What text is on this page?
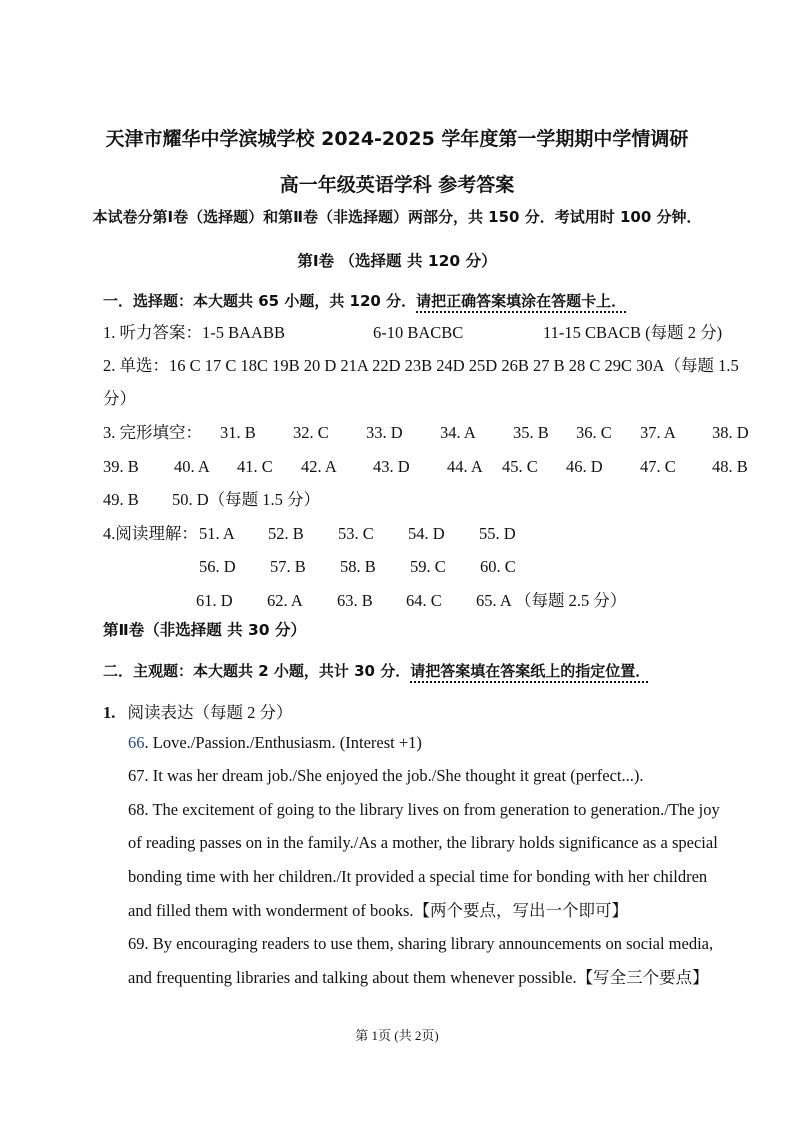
天津市耀华中学滨城学校 2024-2025 学年度第一学期期中学情调研
高一年级英语学科 参考答案
本试卷分第Ⅰ卷（选择题）和第Ⅱ卷（非选择题）两部分，共 150 分．考试用时 100 分钟．
第Ⅰ卷 （选择题 共 120 分）
一．选择题：本大题共 65 小题，共 120 分．请把正确答案填涂在答题卡上．
1. 听力答案：1-5 BAABB	6-10 BACBC	11-15 CBACB (每题 2 分)
2. 单选：16 C 17 C 18C 19B 20 D 21A 22D 23B 24D 25D 26B 27 B 28 C 29C 30A（每题 1.5
分）
3. 完形填空： 31. B 32. C 33. D 34. A 35. B 36. C 37. A 38. D
39. B 40. A 41. C 42. A 43. D 44. A 45. C 46. D 47. C 48. B
49. B 50. D（每题 1.5 分）
4.阅读理解： 51. A 52. B 53. C 54. D 55. D
56. D 57. B 58. B 59. C 60. C
61. D 62. A 63. B 64. C 65. A （每题 2.5 分）
第Ⅱ卷（非选择题 共 30 分）
二．主观题：本大题共 2 小题，共计 30 分．请把答案填在答案纸上的指定位置．
1. 阅读表达（每题 2 分）
66. Love./Passion./Enthusiasm. (Interest +1)
67. It was her dream job./She enjoyed the job./She thought it great (perfect...).
68. The excitement of going to the library lives on from generation to generation./The joy
of reading passes on in the family./As a mother, the library holds significance as a special
bonding time with her children./It provided a special time for bonding with her children
and filled them with wonderment of books.【两个要点，写出一个即可】
69. By encouraging readers to use them, sharing library announcements on social media,
and frequenting libraries and talking about them whenever possible.【写全三个要点】
第 1页 (共 2页)
